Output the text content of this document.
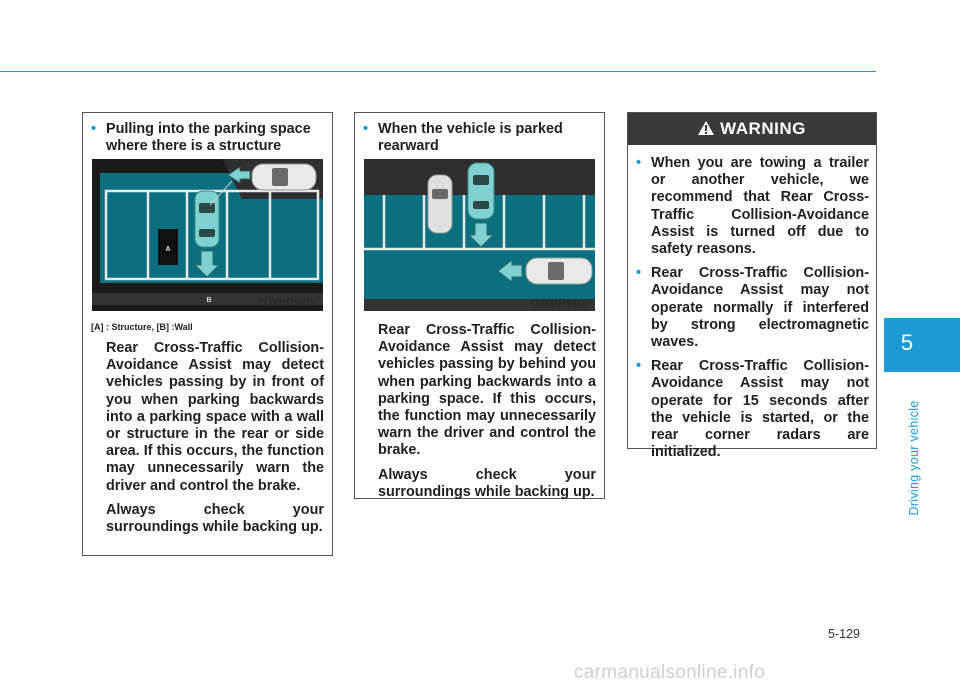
• Pulling into the parking space where there is a structure
A
B	OJX1079115
[A] : Structure, [B] :Wall

Rear Cross-Traffic Collision-Avoidance Assist may detect vehicles passing by in front of you when parking backwards into a parking space with a wall or structure in the rear or side area. If this occurs, the function may unnecessarily warn the driver and control the brake.

Always check your surroundings while backing up.

• When the vehicle is parked rearward
OJX1079116

Rear Cross-Traffic Collision-Avoidance Assist may detect vehicles passing by behind you when parking backwards into a parking space. If this occurs, the function may unnecessarily warn the driver and control the brake.

Always check your surroundings while backing up.

WARNING
• When you are towing a trailer or another vehicle, we recommend that Rear Cross-Traffic Collision-Avoidance Assist is turned off due to safety reasons.

• Rear Cross-Traffic Collision-Avoidance Assist may not operate normally if interfered by strong electromagnetic waves.

• Rear Cross-Traffic Collision-Avoidance Assist may not operate for 15 seconds after the vehicle is started, or the rear corner radars are initialized.

5
Driving your vehicle
5-129
carmanualsonline.info
